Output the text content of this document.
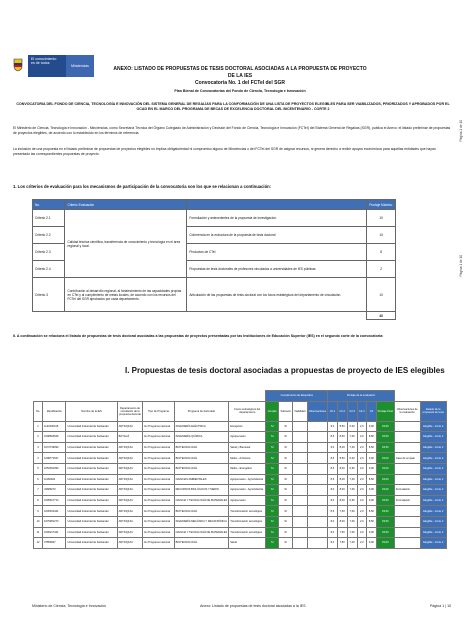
El conocimiento
es de todos
Minciencias	ANEXO: LISTADO DE PROPUESTAS DE TESIS DOCTORAL ASOCIADAS A LA PROPUESTA DE PROYECTO DE LA IES
Convocatoria No. 1 del FCTeI del SGR
Plan Bienal de Convocatorias del Fondo de Ciencia, Tecnología e Innovación
CONVOCATORIA DEL FONDO DE CIENCIA, TECNOLOGÍA E INNOVACIÓN DEL SISTEMA GENERAL DE REGALÍAS PARA LA CONFORMACIÓN DE UNA LISTA DE PROYECTOS ELEGIBLES PARA SER VIABILIZADOS, PRIORIZADOS Y APROBADOS POR EL OCAD EN EL MARCO DEL PROGRAMA DE BECAS DE EXCELENCIA DOCTORAL DEL BICENTENARIO - CORTE 2
El Ministerio de Ciencia, Tecnología e Innovación - Minciencias, como Secretaría Técnica del Órgano Colegiado de Administración y Decisión del Fondo de Ciencia, Tecnología e Innovación (FCTeI) del Sistema General de Regalías (SGR), publica el Anexo: el listado preliminar de propuestas de proyectos elegibles, de acuerdo con lo establecido en los términos de referencia.
La inclusión de una propuesta en el listado preliminar de propuestas de proyectos elegibles no implica obligatoriedad ni compromiso alguno de Minciencias o del FCTeI del SGR de asignar recursos, ni genera derecho a recibir apoyos económicos para aquellas entidades que hayan presentado las correspondientes propuestas de proyecto.
Página 1 de 10
Página 1 de 10
1. Los criterios de evaluación para los mecanismos de participación de la convocatoria son los que se relacionan a continuación:
No.	Criterio Evaluación		Puntaje Máximo
Criterio 2.1	Calidad técnica científica, transferencia de conocimiento y tecnología en el área regional y local.	Formulación y antecedentes de la propuesta de investigación.	10
Criterio 2.2		Coherencia en la estructura de la propuesta de tesis doctoral	10
Criterio 2.3		Productos de CTeI	8
Criterio 2.4		Propuestas de tesis doctorales de profesores vinculados a universidades de IES públicas	2
Criterio 3	Contribución al desarrollo regional, al fortalecimiento de las capacidades propias en CTeI y al cumplimiento de metas locales, de acuerdo con los recursos del FCTeI del SGR aprobados por cada departamento.	Articulación de las propuestas de tesis doctoral con los focos estratégicos del departamento de vinculación.	10
			40
II. A continuación se relaciona el listado de propuestas de tesis doctoral asociadas a las propuestas de proyectos presentadas por las Instituciones de Educación Superior (IES) en el segundo corte de la convocatoria:
I. Propuestas de tesis doctoral asociadas a propuestas de proyecto de IES elegibles
							Cumplimiento de Requisitos				Puntaje de la evaluación							
No.	Identificación	Nombre de la IES	Departamento de vinculación de la propuesta doctoral	Tipo de Programa	Programa de doctorado	Focos estratégicos del departamento	Cumple	Subsanó	Viabilidad	Observaciones	C2.1	C2.2	C2.3	C2.4	C3	Puntaje Final	Observaciones de la evaluación	Estado de la propuesta de tesis
1	1120430415	Universidad Industrial de Santander	ANTIOQUIA	En Programa nacional	INGENIERÍA ELÉCTRICA	Energético	SI	SI			9,0	8,50	6,00	2,0	9,00	34,50		Elegible - Corte 2
2	1098694529	Universidad Industrial de Santander	BOYACÁ	En Programa nacional	INGENIERÍA QUÍMICA	Agropecuario	SI	SI			8,5	8,50	7,00	2,0	8,50	34,50		Elegible - Corte 2
3	1072739090	Universidad Industrial de Santander	ANTIOQUIA	En Programa nacional	BIOTECNOLOGÍA	Salud y Bienestar	SI	SI			9,0	8,00	7,00	2,0	8,50	34,50		Elegible - Corte 2
4	1098771627	Universidad Industrial de Santander	ANTIOQUIA	En Programa nacional	BIOTECNOLOGÍA	Medio - Ambiente	SI	SI			8,5	8,50	6,00	2,0	9,00	34,00	Caso de empate	Elegible - Corte 2
5	1052391090	Universidad Industrial de Santander	ANTIOQUIA	En Programa nacional	BIOTECNOLOGÍA	Medio - Energético	SI	SI			8,5	8,00	6,50	2,0	9,00	34,00		Elegible - Corte 2
6	11182024	Universidad Industrial de Santander	ANTIOQUIA	En Programa nacional	CIENCIAS AMBIENTALES	Agropecuario - Agroindustria	SI	SI			8,5	8,00	7,00	2,0	8,50	34,00		Elegible - Corte 2
7	34689273	Universidad Industrial de Santander	ANTIOQUIA	En Programa nacional	RECURSOS BIOLÓGICOS Y MEDIO	Agropecuario - Agroindustria	SI	SI			8,0	8,00	7,00	2,0	9,00	34,00	Formulación	Elegible - Corte 2
8	1095917714	Universidad Industrial de Santander	ANTIOQUIA	En Programa nacional	CIENCIA Y TECNOLOGÍA DE MATERIALES	Agropecuario	SI	SI			8,0	8,00	6,50	2,0	9,00	33,50	Formulación	Elegible - Corte 2
9	1005310441	Universidad Industrial de Santander	ANTIOQUIA	En Programa nacional	BIOTECNOLOGÍA	Transformación tecnológica	SI	SI			8,5	7,50	7,00	2,0	8,50	33,50		Elegible - Corte 2
10	1075281273	Universidad Industrial de Santander	ANTIOQUIA	En Programa nacional	INGENIERÍA MECÁNICA Y MECATRÓNICA	Transformación tecnológica	SI	SI			8,0	8,00	7,00	2,0	8,50	33,50		Elegible - Corte 2
11	1096217441	Universidad Industrial de Santander	ANTIOQUIA	En Programa nacional	CIENCIA Y TECNOLOGÍA DE MATERIALES	Transformación tecnológica	SI	SI			8,0	7,50	7,00	2,0	9,00	33,50		Elegible - Corte 2
12	37859927	Universidad Industrial de Santander	ANTIOQUIA	En Programa nacional	BIOTECNOLOGÍA	Salud	SI	SI			8,0	7,50	7,00	2,0	9,00	33,50		Elegible - Corte 2
Ministerio de Ciencia, Tecnología e Innovación	Anexo: Listado de propuestas de tesis doctoral asociadas a la IES	Página 1 | 10
